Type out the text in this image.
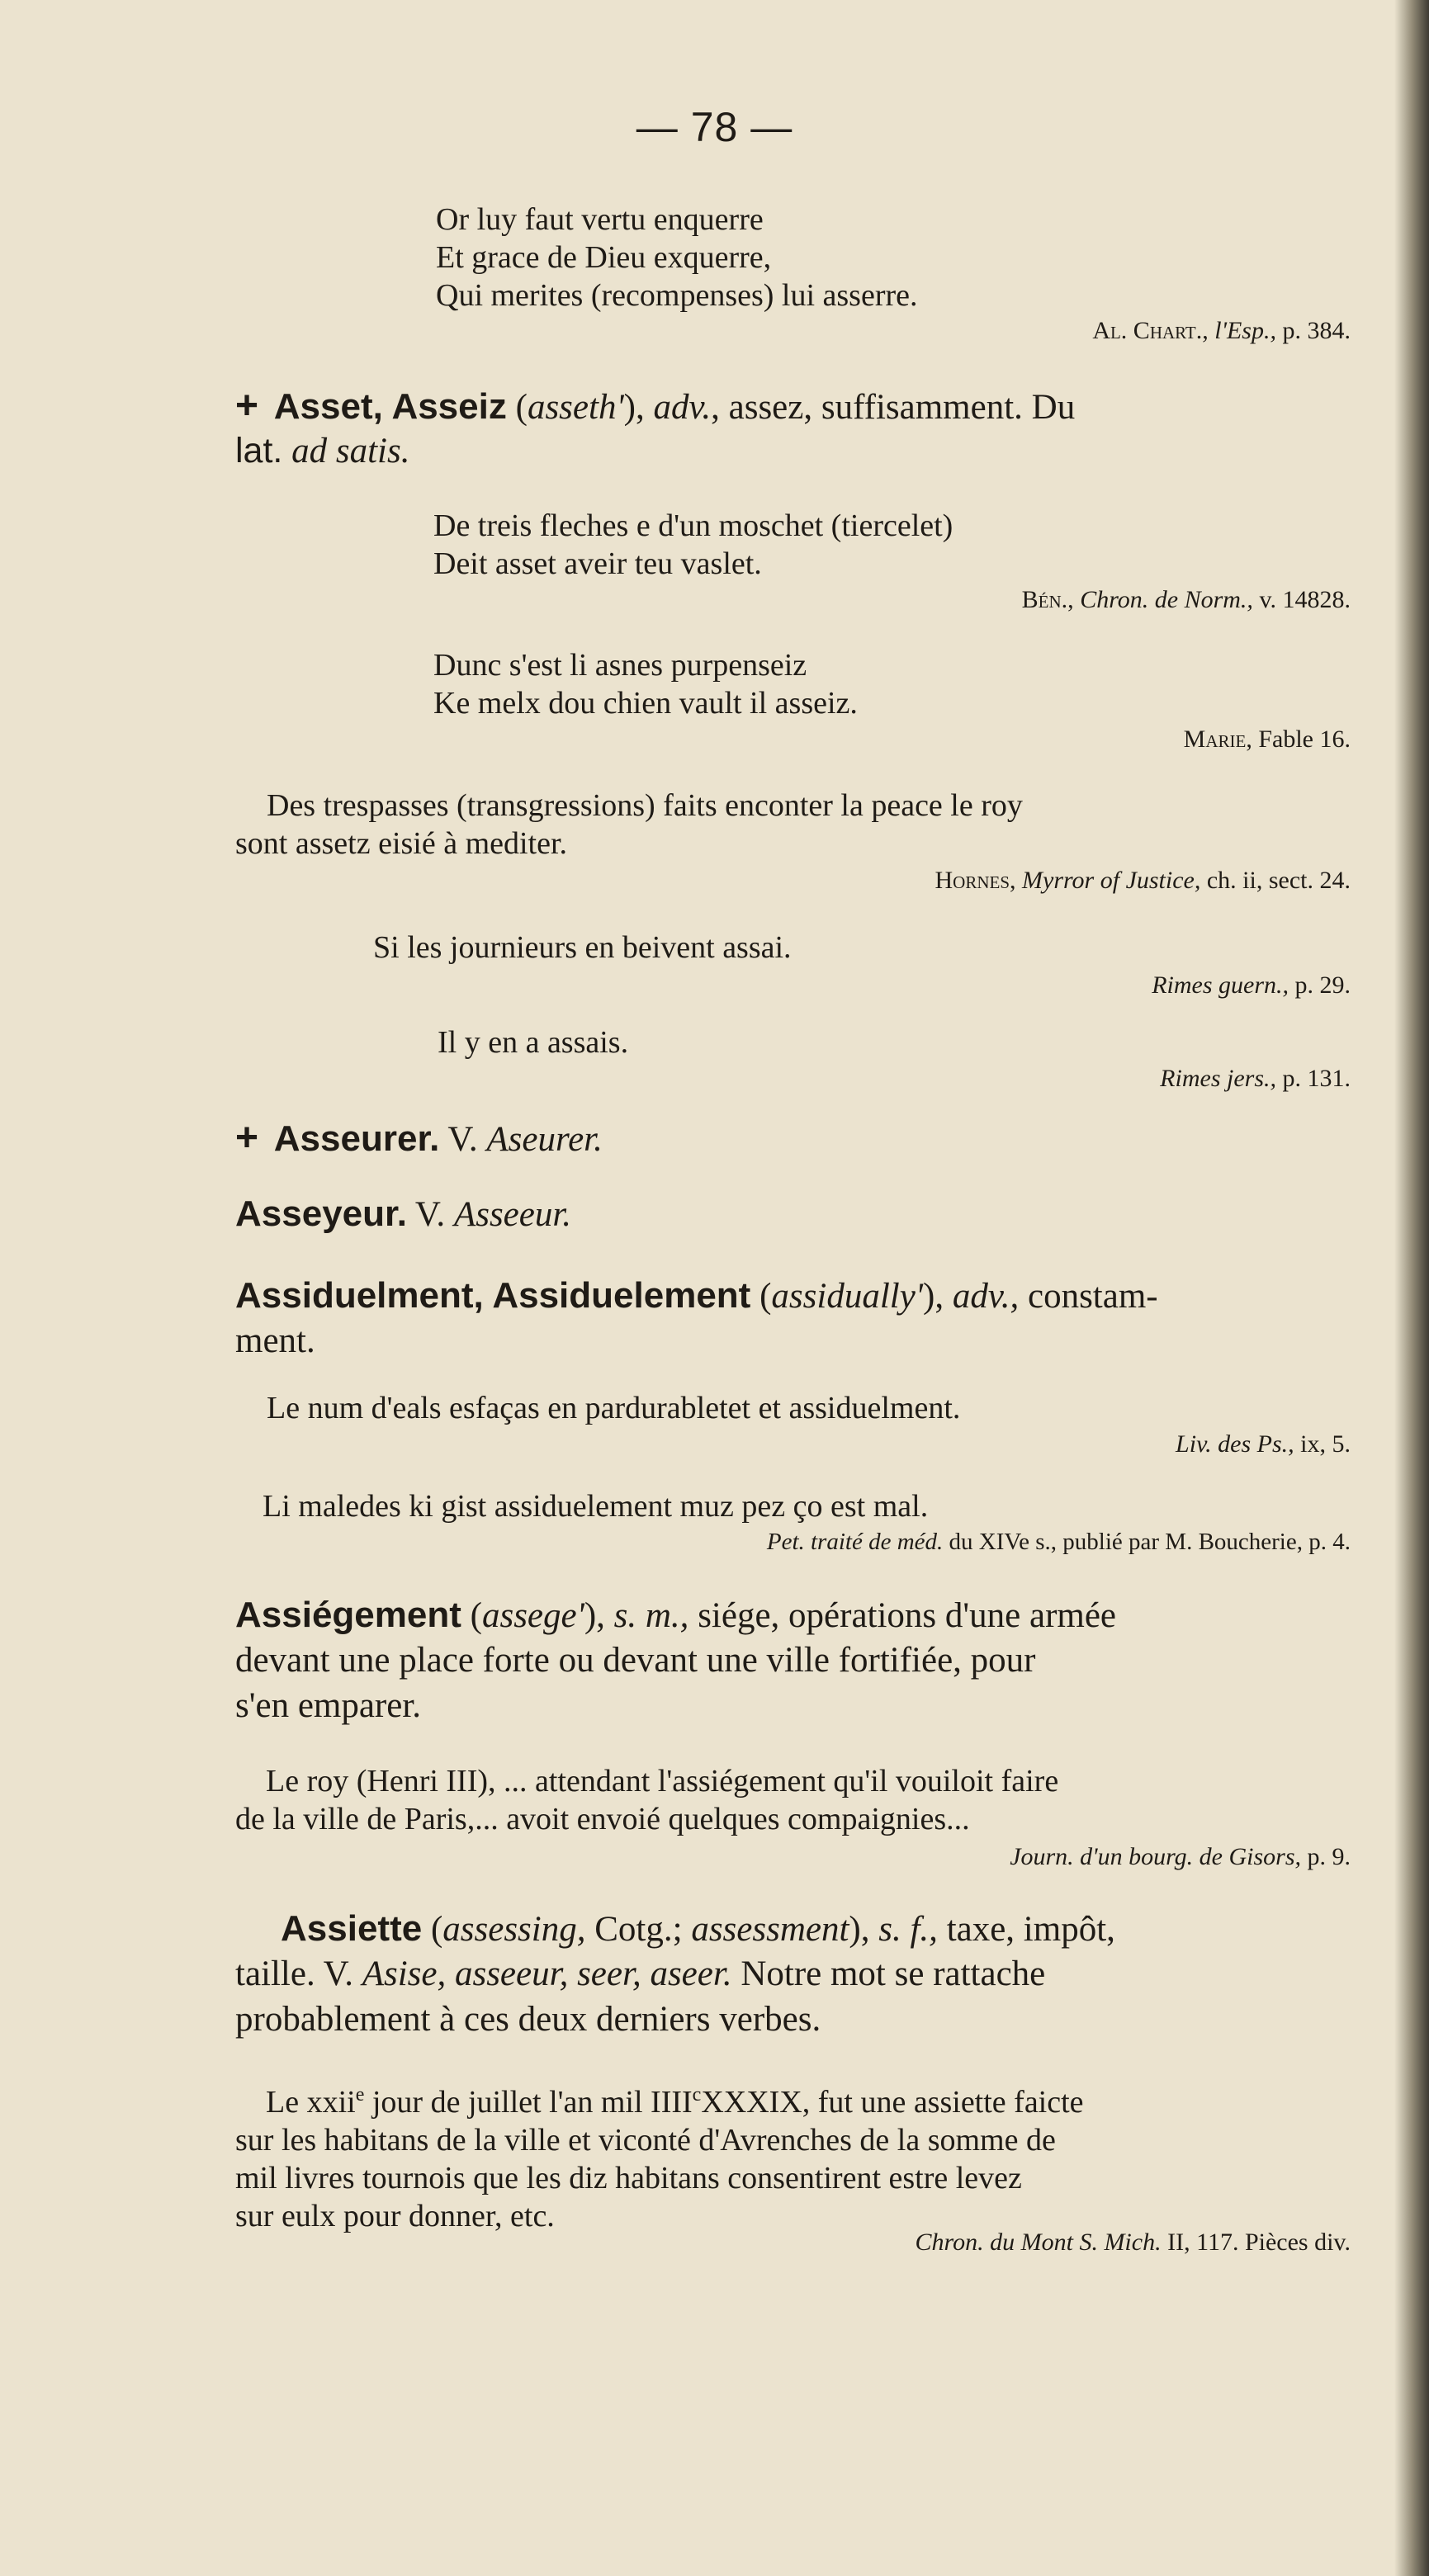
— 78 —
Or luy faut vertu enquerre
Et grace de Dieu exquerre,
Qui merites (recompenses) lui asserre.
Al. Chart., l'Esp., p. 384.
+ Asset, Asseiz (asseth'), adv., assez, suffisamment. Du
lat. ad satis.
De treis fleches e d'un moschet (tiercelet)
Deit asset aveir teu vaslet.
Bén., Chron. de Norm., v. 14828.
Dunc s'est li asnes purpenseiz
Ke melx dou chien vault il asseiz.
Marie, Fable 16.
Des trespasses (transgressions) faits enconter la peace le roy
sont assetz eisié à mediter.
Hornes, Myrror of Justice, ch. ii, sect. 24.
Si les journieurs en beivent assai.
Rimes guern., p. 29.
Il y en a assais.
Rimes jers., p. 131.
+ Asseurer. V. Aseurer.
Asseyeur. V. Asseeur.
Assiduelment, Assiduelement (assidually'), adv., constam-
ment.
Le num d'eals esfaças en pardurabletet et assiduelment.
Liv. des Ps., ix, 5.
Li maledes ki gist assiduelement muz pez ço est mal.
Pet. traité de méd. du XIVe s., publié par M. Boucherie, p. 4.
Assiégement (assege'), s. m., siége, opérations d'une armée
devant une place forte ou devant une ville fortifiée, pour
s'en emparer.
Le roy (Henri III), ... attendant l'assiégement qu'il vouiloit faire
de la ville de Paris,... avoit envoié quelques compaignies...
Journ. d'un bourg. de Gisors, p. 9.
Assiette (assessing, Cotg.; assessment), s. f., taxe, impôt,
taille. V. Asise, asseeur, seer, aseer. Notre mot se rattache
probablement à ces deux derniers verbes.
Le xxii$^e$ jour de juillet l'an mil IIII$^c$XXXIX, fut une assiette faicte
sur les habitans de la ville et viconté d'Avrenches de la somme de
mil livres tournois que les diz habitans consentirent estre levez
sur eulx pour donner, etc.
Chron. du Mont S. Mich. II, 117. Pièces div.
